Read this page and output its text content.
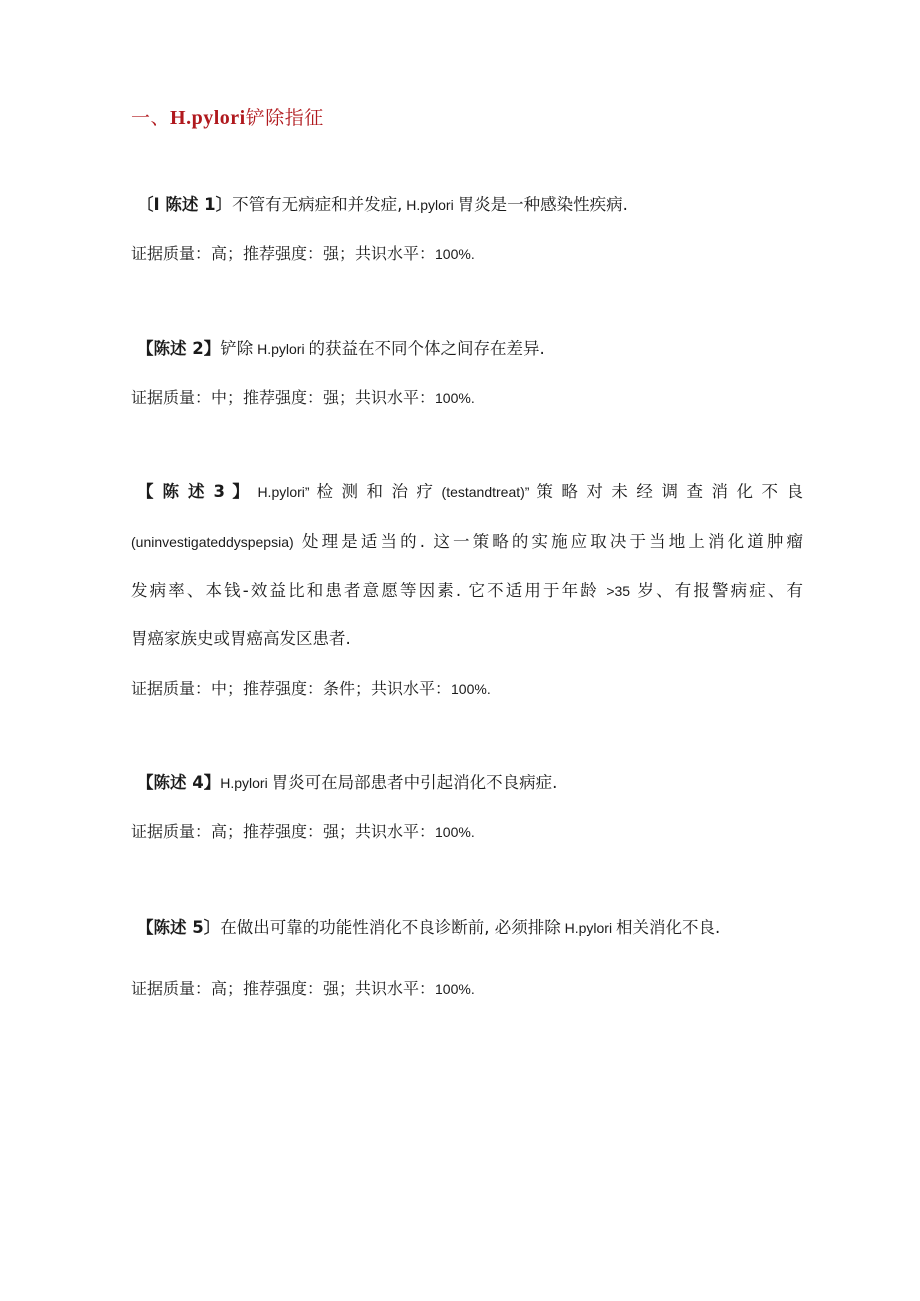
一、H.pylori铲除指征
〔I 陈述 1〕不管有无病症和并发症, H.pylori 胃炎是一种感染性疾病.
证据质量：高；推荐强度：强；共识水平：100%.
【陈述 2】铲除 H.pylori 的获益在不同个体之间存在差异.
证据质量：中；推荐强度：强；共识水平：100%.
【 陈 述 3 】 H.pylori” 检 测 和 治 疗 (testandtreat)” 策 略 对 未 经 调 查 消 化 不 良
(uninvestigateddyspepsia) 处理是适当的. 这一策略的实施应取决于当地上消化道肿瘤
发病率、本钱-效益比和患者意愿等因素. 它不适用于年龄 >35 岁、有报警病症、有
胃癌家族史或胃癌高发区患者.
证据质量：中；推荐强度：条件；共识水平：100%.
【陈述 4】H.pylori 胃炎可在局部患者中引起消化不良病症.
证据质量：高；推荐强度：强；共识水平：100%.
【陈述 5〕在做出可靠的功能性消化不良诊断前, 必须排除 H.pylori 相关消化不良.
证据质量：高；推荐强度：强；共识水平：100%.
